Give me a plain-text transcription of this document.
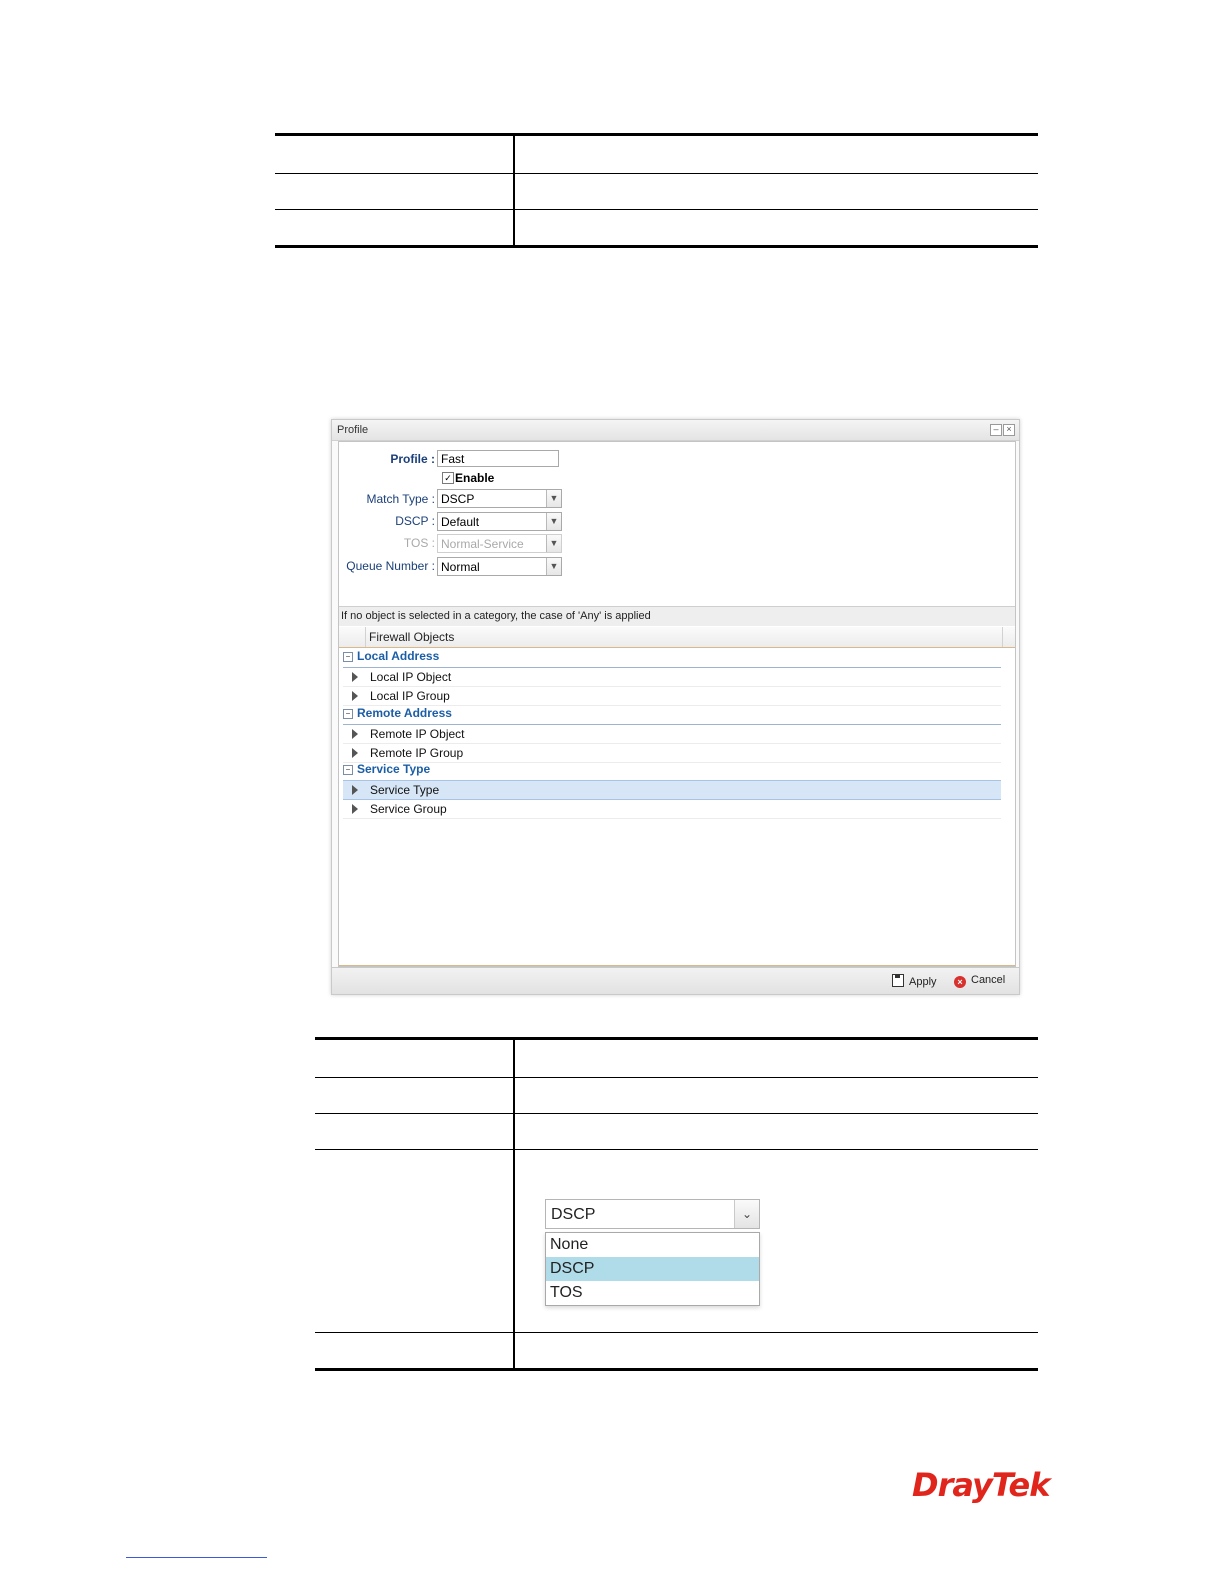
Profile	– ×
Profile : Fast
✓ Enable
Match Type : DSCP	▼
DSCP : Default	▼
TOS : Normal-Service	▼
Queue Number : Normal	▼
If no object is selected in a category, the case of 'Any' is applied
Firewall Objects
− Local Address
Local IP Object
Local IP Group
− Remote Address
Remote IP Object
Remote IP Group
− Service Type
Service Type
Service Group
Apply	× Cancel

DSCP	⌄
None
DSCP
TOS
DrayTek
